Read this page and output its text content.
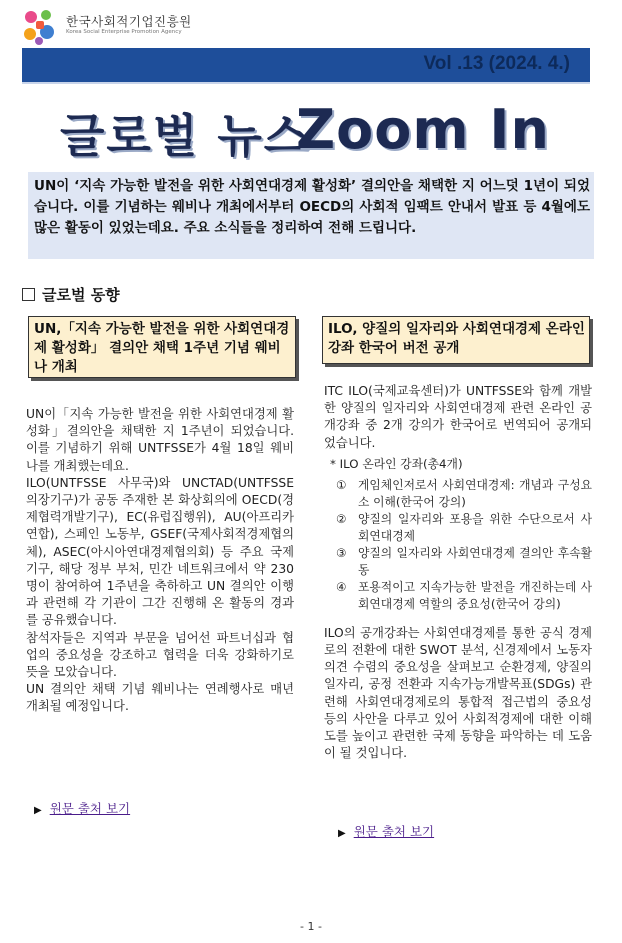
한국사회적기업진흥원
Korea Social Enterprise Promotion Agency
Vol .13 (2024. 4.)
글로벌 뉴스
Zoom In
UN이 ‘지속 가능한 발전을 위한 사회연대경제 활성화’ 결의안을 채택한 지 어느덧 1년이 되었습니다. 이를 기념하는 웨비나 개최에서부터 OECD의 사회적 임팩트 안내서 발표 등 4월에도 많은 활동이 있었는데요. 주요 소식들을 정리하여 전해 드립니다.
글로벌 동향
UN,「지속 가능한 발전을 위한 사회연대경제 활성화」 결의안 채택 1주년 기념 웨비나 개최
ILO, 양질의 일자리와 사회연대경제 온라인 강좌 한국어 버전 공개

UN이「지속 가능한 발전을 위한 사회연대경제 활성화」결의안을 채택한 지 1주년이 되었습니다. 이를 기념하기 위해 UNTFSSE가 4월 18일 웨비나를 개최했는데요.

ILO(UNTFSSE 사무국)와 UNCTAD(UNTFSSE 의장기구)가 공동 주재한 본 화상회의에 OECD(경제협력개발기구), EC(유럽집행위), AU(아프리카연합), 스페인 노동부, GSEF(국제사회적경제협의체), ASEC(아시아연대경제협의회) 등 주요 국제기구, 해당 정부 부처, 민간 네트워크에서 약 230명이 참여하여 1주년을 축하하고 UN 결의안 이행과 관련해 각 기관이 그간 진행해 온 활동의 경과를 공유했습니다.

참석자들은 지역과 부문을 넘어선 파트너십과 협업의 중요성을 강조하고 협력을 더욱 강화하기로 뜻을 모았습니다.

UN 결의안 채택 기념 웨비나는 연례행사로 매년 개최될 예정입니다.

▶ 원문 출처 보기

ITC ILO(국제교육센터)가 UNTFSSE와 함께 개발한 양질의 일자리와 사회연대경제 관련 온라인 공개강좌 중 2개 강의가 한국어로 번역되어 공개되었습니다.

* ILO 온라인 강좌(총4개)

① 게임체인저로서 사회연대경제: 개념과 구성요소 이해(한국어 강의)
② 양질의 일자리와 포용을 위한 수단으로서 사회연대경제
③ 양질의 일자리와 사회연대경제 결의안 후속활동
④ 포용적이고 지속가능한 발전을 개진하는데 사회연대경제 역할의 중요성(한국어 강의)

ILO의 공개강좌는 사회연대경제를 통한 공식 경제로의 전환에 대한 SWOT 분석, 신경제에서 노동자 의견 수렴의 중요성을 살펴보고 순환경제, 양질의 일자리, 공정 전환과 지속가능개발목표(SDGs) 관련해 사회연대경제로의 통합적 접근법의 중요성 등의 사안을 다루고 있어 사회적경제에 대한 이해도를 높이고 관련한 국제 동향을 파악하는 데 도움이 될 것입니다.

▶ 원문 출처 보기
- 1 -
